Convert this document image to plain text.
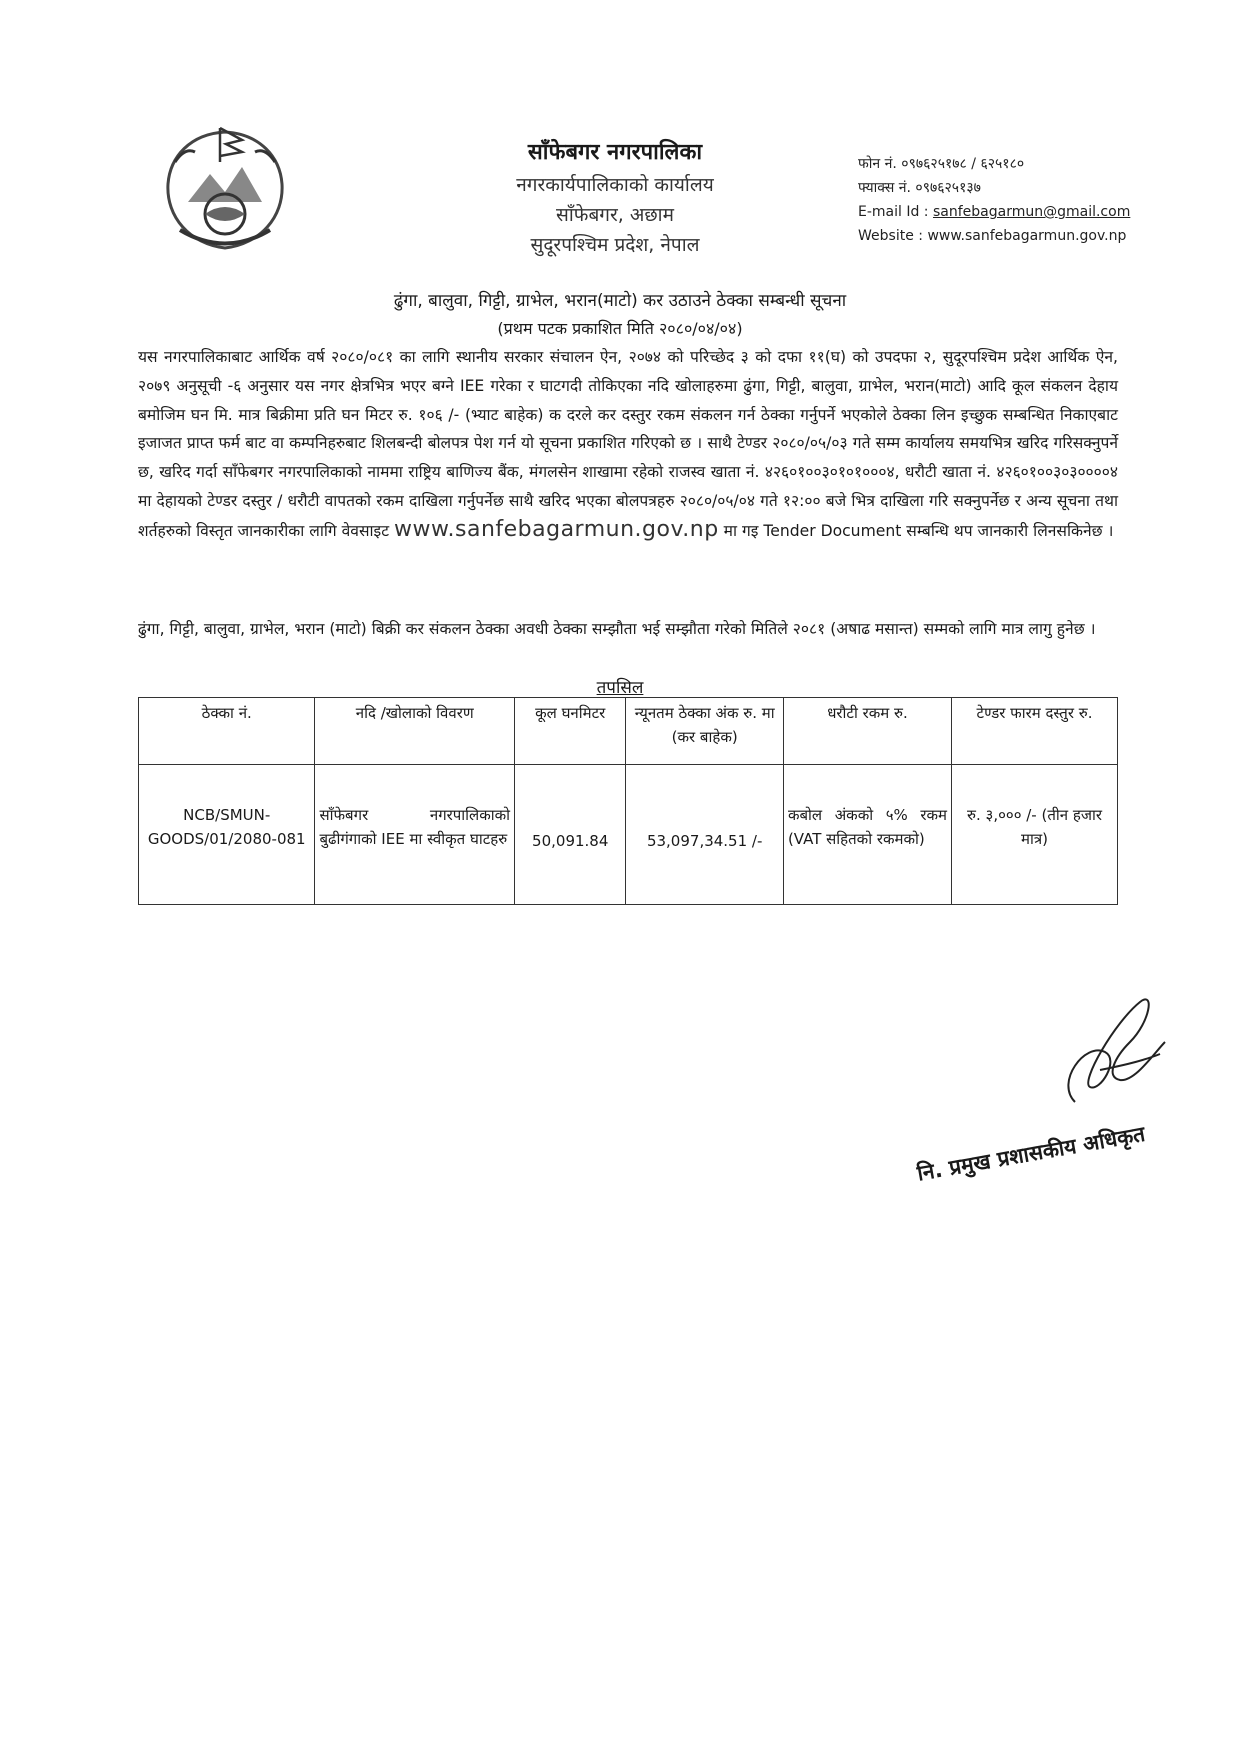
साँफेबगर नगरपालिका
नगरकार्यपालिकाको कार्यालय
साँफेबगर, अछाम
सुदूरपश्चिम प्रदेश, नेपाल
फोन नं. ०९७६२५१७८ / ६२५१८०
फ्याक्स नं. ०९७६२५१३७
E-mail Id : sanfebagarmun@gmail.com
Website : www.sanfebagarmun.gov.np
ढुंगा, बालुवा, गिट्टी, ग्राभेल, भरान(माटो) कर उठाउने ठेक्का सम्बन्धी सूचना
(प्रथम पटक प्रकाशित मिति २०८०/०४/०४)
यस नगरपालिकाबाट आर्थिक वर्ष २०८०/०८१ का लागि स्थानीय सरकार संचालन ऐन, २०७४ को परिच्छेद ३ को दफा ११(घ) को उपदफा २, सुदूरपश्चिम प्रदेश आर्थिक ऐन, २०७९ अनुसूची -६ अनुसार यस नगर क्षेत्रभित्र भएर बग्ने IEE गरेका र घाटगदी तोकिएका नदि खोलाहरुमा ढुंगा, गिट्टी, बालुवा, ग्राभेल, भरान(माटो) आदि कूल संकलन देहाय बमोजिम घन मि. मात्र बिक्रीमा प्रति घन मिटर रु. १०६ /- (भ्याट बाहेक) क दरले कर दस्तुर रकम संकलन गर्न ठेक्का गर्नुपर्ने भएकोले ठेक्का लिन इच्छुक सम्बन्धित निकाएबाट इजाजत प्राप्त फर्म बाट वा कम्पनिहरुबाट शिलबन्दी बोलपत्र पेश गर्न यो सूचना प्रकाशित गरिएको छ । साथै टेण्डर २०८०/०५/०३ गते सम्म कार्यालय समयभित्र खरिद गरिसक्नुपर्ने छ, खरिद गर्दा साँफेबगर नगरपालिकाको नाममा राष्ट्रिय बाणिज्य बैंक, मंगलसेन शाखामा रहेको राजस्व खाता नं. ४२६०१००३०१०१०००४, धरौटी खाता नं. ४२६०१००३०३००००४ मा देहायको टेण्डर दस्तुर / धरौटी वापतको रकम दाखिला गर्नुपर्नेछ साथै खरिद भएका बोलपत्रहरु २०८०/०५/०४ गते १२:०० बजे भित्र दाखिला गरि सक्नुपर्नेछ र अन्य सूचना तथा शर्तहरुको विस्तृत जानकारीका लागि वेवसाइट www.sanfebagarmun.gov.np मा गइ Tender Document सम्बन्धि थप जानकारी लिनसकिनेछ ।
ढुंगा, गिट्टी, बालुवा, ग्राभेल, भरान (माटो) बिक्री कर संकलन ठेक्का अवधी ठेक्का सम्झौता भई सम्झौता गरेको मितिले २०८१ (अषाढ मसान्त) सम्मको लागि मात्र लागु हुनेछ ।
तपसिल
ठेक्का नं.	नदि /खोलाको विवरण	कूल घनमिटर	न्यूनतम ठेक्का अंक रु. मा (कर बाहेक)	धरौटी रकम रु.	टेण्डर फारम दस्तुर रु.
NCB/SMUN-GOODS/01/2080-081	साँफेबगर नगरपालिकाको बुढीगंगाको IEE मा स्वीकृत घाटहरु	50,091.84	53,097,34.51 /-	कबोल अंकको ५% रकम (VAT सहितको रकमको)	रु. ३,००० /- (तीन हजार मात्र)
नि. प्रमुख प्रशासकीय अधिकृत
